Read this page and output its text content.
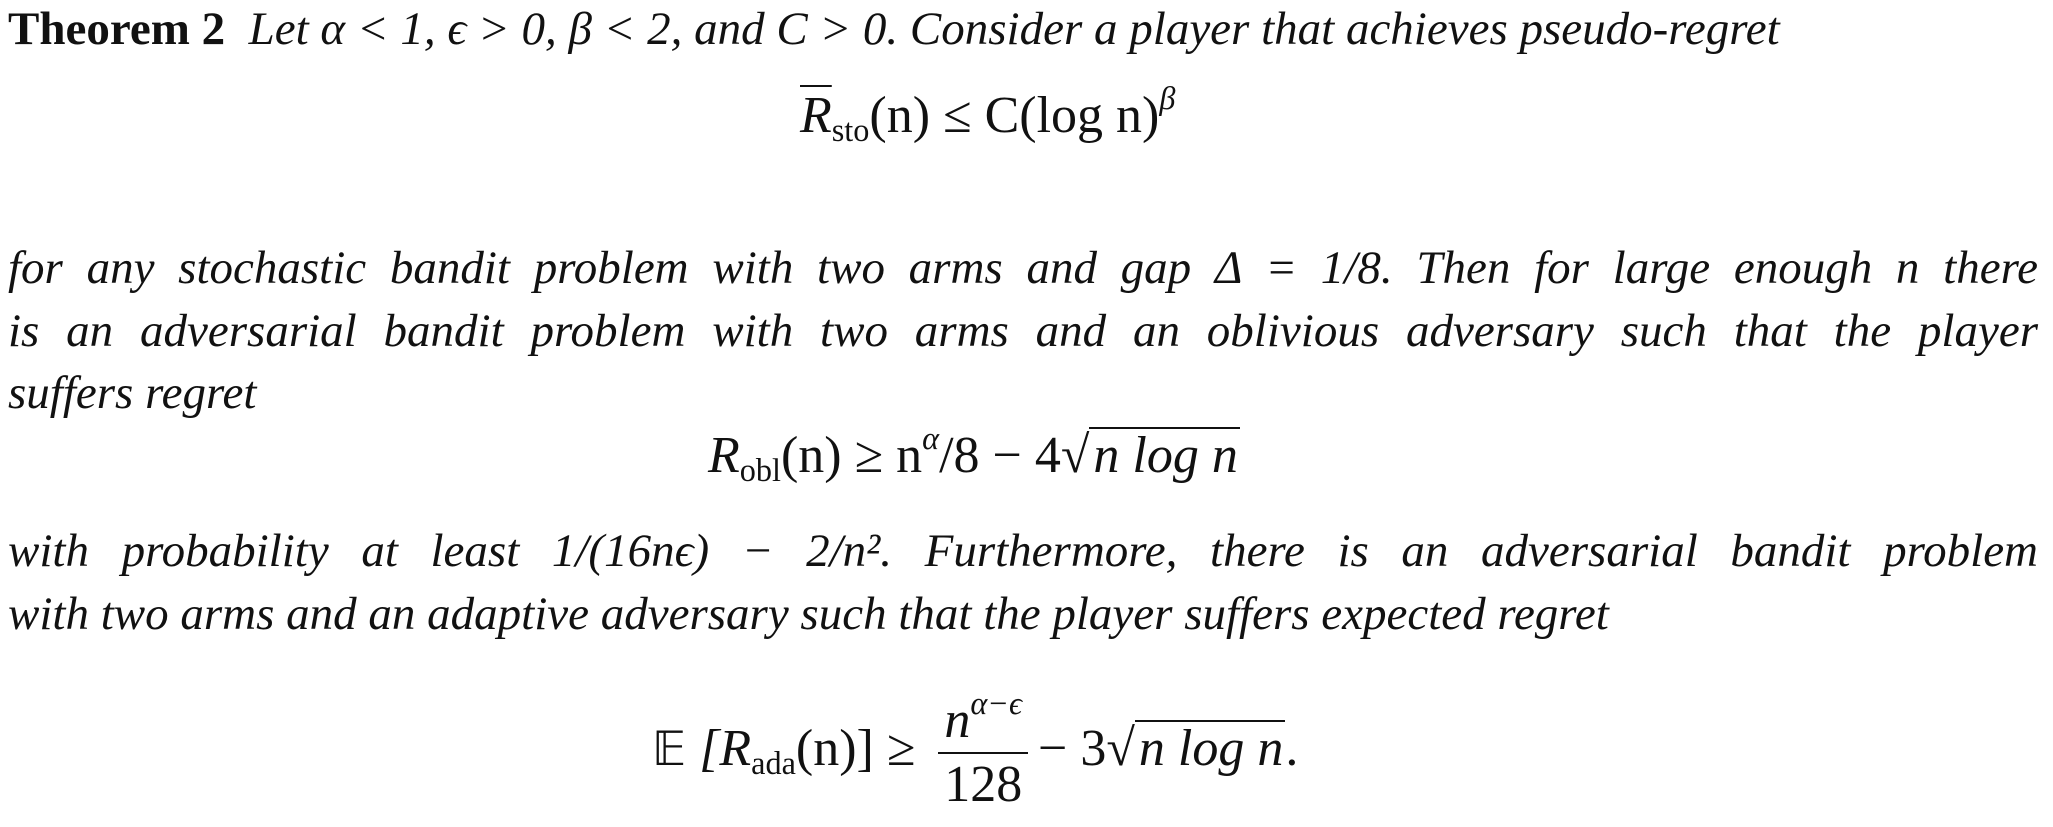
Theorem 2 Let α < 1, ϵ > 0, β < 2, and C > 0. Consider a player that achieves pseudo-regret
$\overline{R}_{sto}(n) \le C(\log$ n)$^\beta$
for any stochastic bandit problem with two arms and gap Δ = 1/8. Then for large enough n there
is an adversarial bandit problem with two arms and an oblivious adversary such that the player
suffers regret
$R_{obl}(n) \ge n^\alpha/8 - 4√n$ log n
with probability at least 1/(16nϵ) − 2/n². Furthermore, there is an adversarial bandit problem
with two arms and an adaptive adversary such that the player suffers expected regret
𝔼 $[R_{ada}(n)] \ge \frac{n^{\alpha-\epsilon}}{128} - 3√n$ log n.
